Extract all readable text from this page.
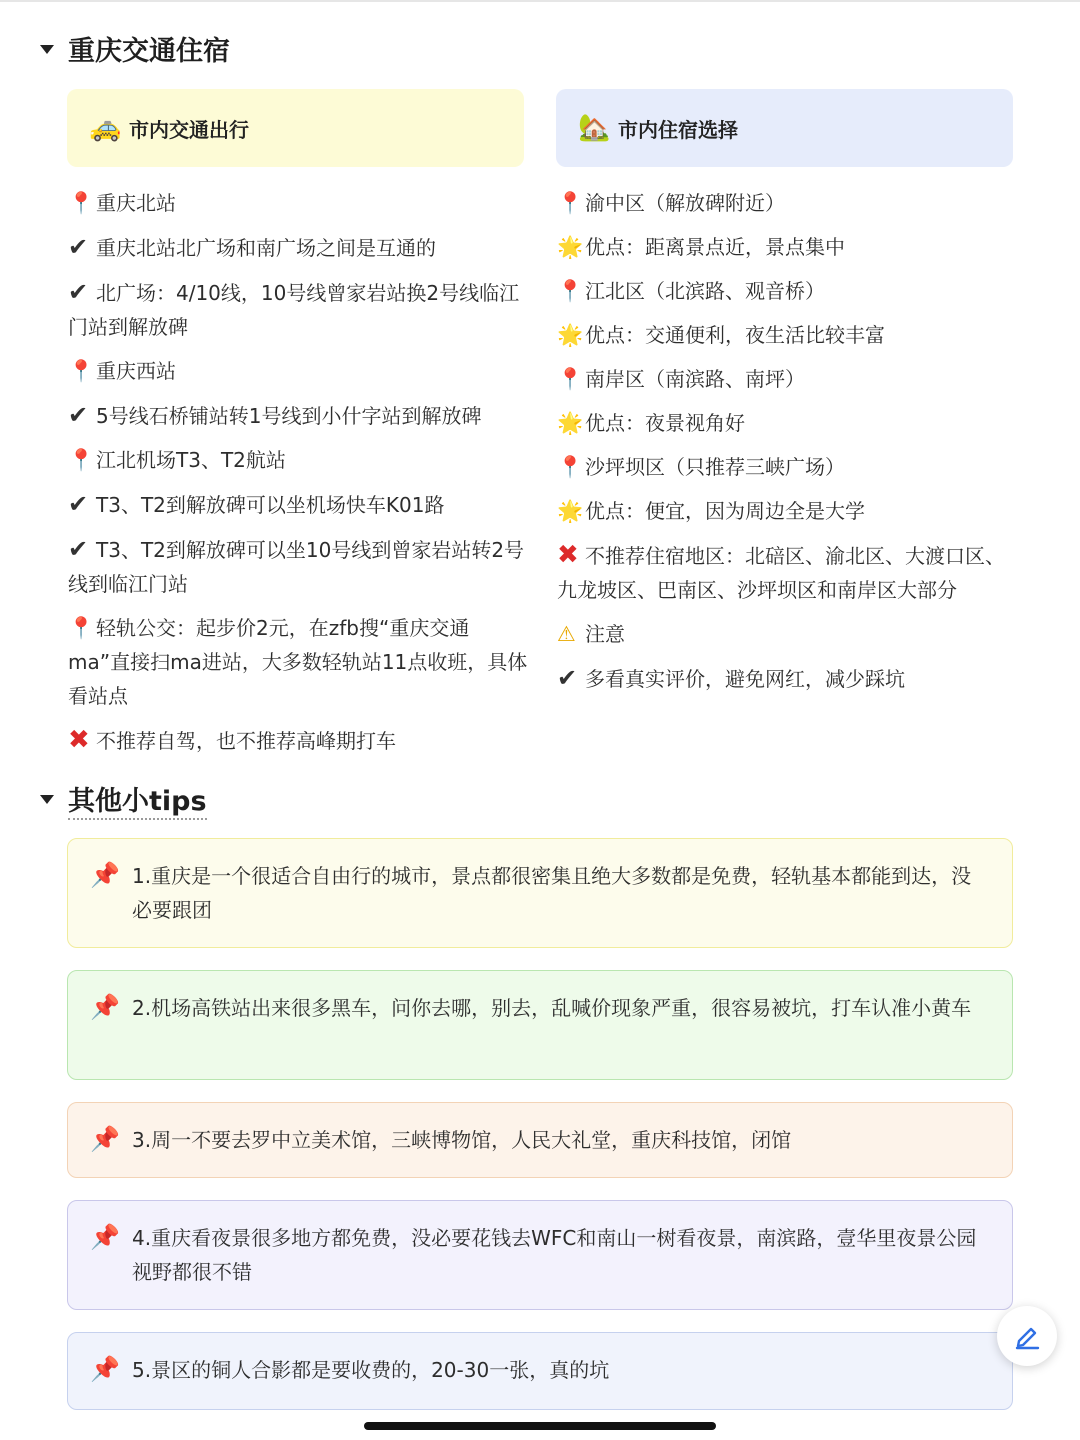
重庆交通住宿
🚕 市内交通出行	🏡 市内住宿选择
📍重庆北站
✔ 重庆北站北广场和南广场之间是互通的
✔ 北广场：4/10线，10号线曾家岩站换2号线临江门站到解放碑
📍重庆西站
✔ 5号线石桥铺站转1号线到小什字站到解放碑
📍江北机场T3、T2航站
✔ T3、T2到解放碑可以坐机场快车K01路
✔ T3、T2到解放碑可以坐10号线到曾家岩站转2号线到临江门站
📍轻轨公交：起步价2元，在zfb搜“重庆交通ma”直接扫ma进站，大多数轻轨站11点收班，具体看站点
✖ 不推荐自驾，也不推荐高峰期打车
📍渝中区（解放碑附近）
🌟优点：距离景点近，景点集中
📍江北区（北滨路、观音桥）
🌟优点：交通便利，夜生活比较丰富
📍南岸区（南滨路、南坪）
🌟优点：夜景视角好
📍沙坪坝区（只推荐三峡广场）
🌟优点：便宜，因为周边全是大学
✖ 不推荐住宿地区：北碚区、渝北区、大渡口区、九龙坡区、巴南区、沙坪坝区和南岸区大部分
⚠ 注意
✔ 多看真实评价，避免网红，减少踩坑
其他小tips
📌 1.重庆是一个很适合自由行的城市，景点都很密集且绝大多数都是免费，轻轨基本都能到达，没必要跟团
📌 2.机场高铁站出来很多黑车，问你去哪，别去，乱喊价现象严重，很容易被坑，打车认准小黄车
📌 3.周一不要去罗中立美术馆，三峡博物馆，人民大礼堂，重庆科技馆，闭馆
📌 4.重庆看夜景很多地方都免费，没必要花钱去WFC和南山一树看夜景，南滨路，壹华里夜景公园视野都很不错
📌 5.景区的铜人合影都是要收费的，20-30一张，真的坑
